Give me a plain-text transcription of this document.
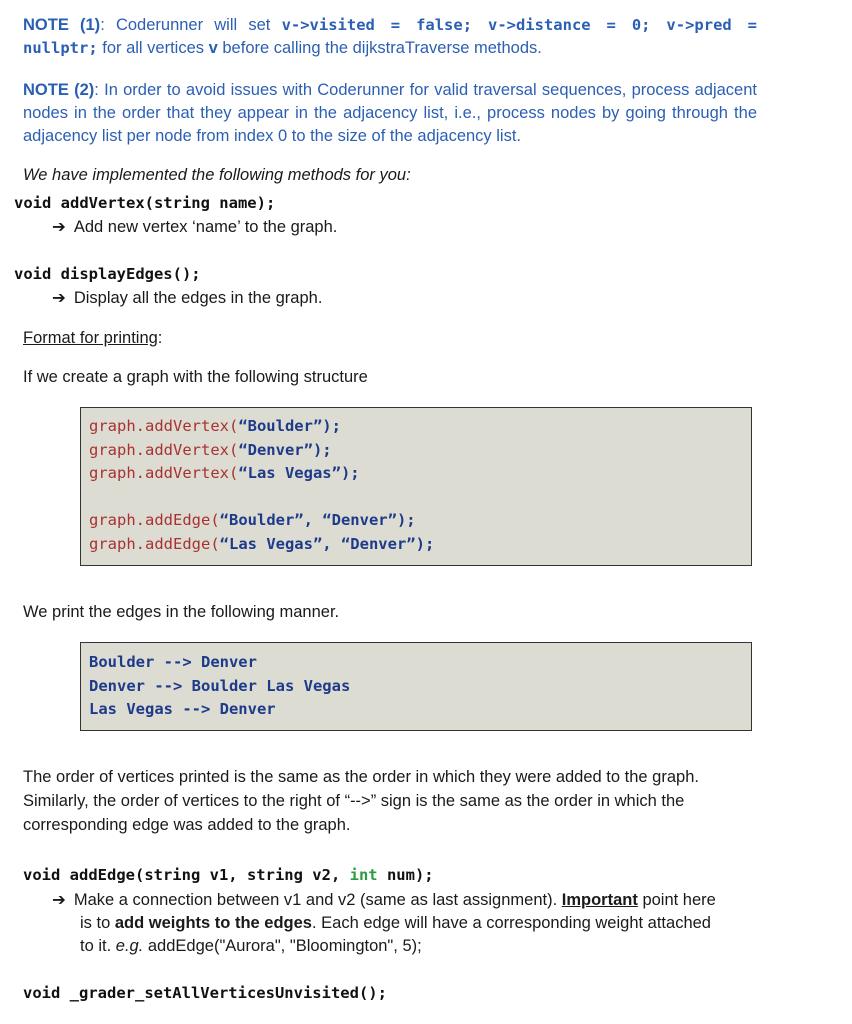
NOTE (1): Coderunner will set v->visited = false; v->distance = 0; v->pred = nullptr; for all vertices v before calling the dijkstraTraverse methods.
NOTE (2): In order to avoid issues with Coderunner for valid traversal sequences, process adjacent nodes in the order that they appear in the adjacency list, i.e., process nodes by going through the adjacency list per node from index 0 to the size of the adjacency list.
We have implemented the following methods for you:
void addVertex(string name);
➔ Add new vertex ‘name’ to the graph.
void displayEdges();
➔ Display all the edges in the graph.
Format for printing:
If we create a graph with the following structure
graph.addVertex(“Boulder”);
graph.addVertex(“Denver”);
graph.addVertex(“Las Vegas”);
graph.addEdge(“Boulder”, “Denver”);
graph.addEdge(“Las Vegas”, “Denver”);
We print the edges in the following manner.
Boulder --> Denver
Denver --> Boulder Las Vegas
Las Vegas --> Denver
The order of vertices printed is the same as the order in which they were added to the graph.
Similarly, the order of vertices to the right of “-->” sign is the same as the order in which the
corresponding edge was added to the graph.
void addEdge(string v1, string v2, int num);
➔ Make a connection between v1 and v2 (same as last assignment). Important point here
is to add weights to the edges. Each edge will have a corresponding weight attached
to it. e.g. addEdge("Aurora", "Bloomington", 5);
void _grader_setAllVerticesUnvisited();
